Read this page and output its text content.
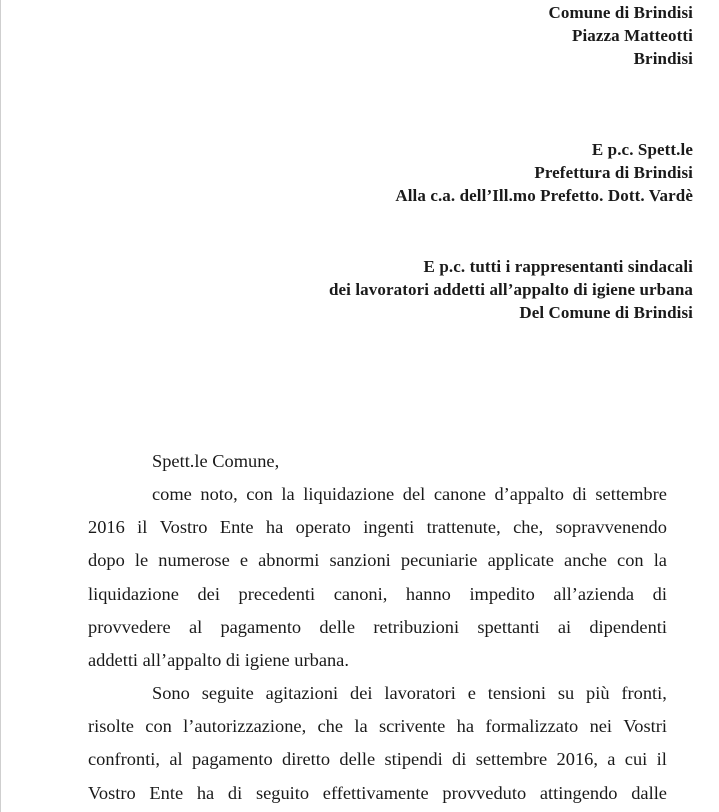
Comune di Brindisi
Piazza Matteotti
Brindisi
E p.c. Spett.le
Prefettura di Brindisi
Alla c.a. dell’Ill.mo Prefetto. Dott. Vardè
E p.c. tutti i rappresentanti sindacali
dei lavoratori addetti all’appalto di igiene urbana
Del Comune di Brindisi
Spett.le Comune,
come noto, con la liquidazione del canone d’appalto di settembre
2016 il Vostro Ente ha operato ingenti trattenute, che, sopravvenendo
dopo le numerose e abnormi sanzioni pecuniarie applicate anche con la
liquidazione dei precedenti canoni, hanno impedito all’azienda di
provvedere al pagamento delle retribuzioni spettanti ai dipendenti
addetti all’appalto di igiene urbana.
Sono seguite agitazioni dei lavoratori e tensioni su più fronti,
risolte con l’autorizzazione, che la scrivente ha formalizzato nei Vostri
confronti, al pagamento diretto delle stipendi di settembre 2016, a cui il
Vostro Ente ha di seguito effettivamente provveduto attingendo dalle
